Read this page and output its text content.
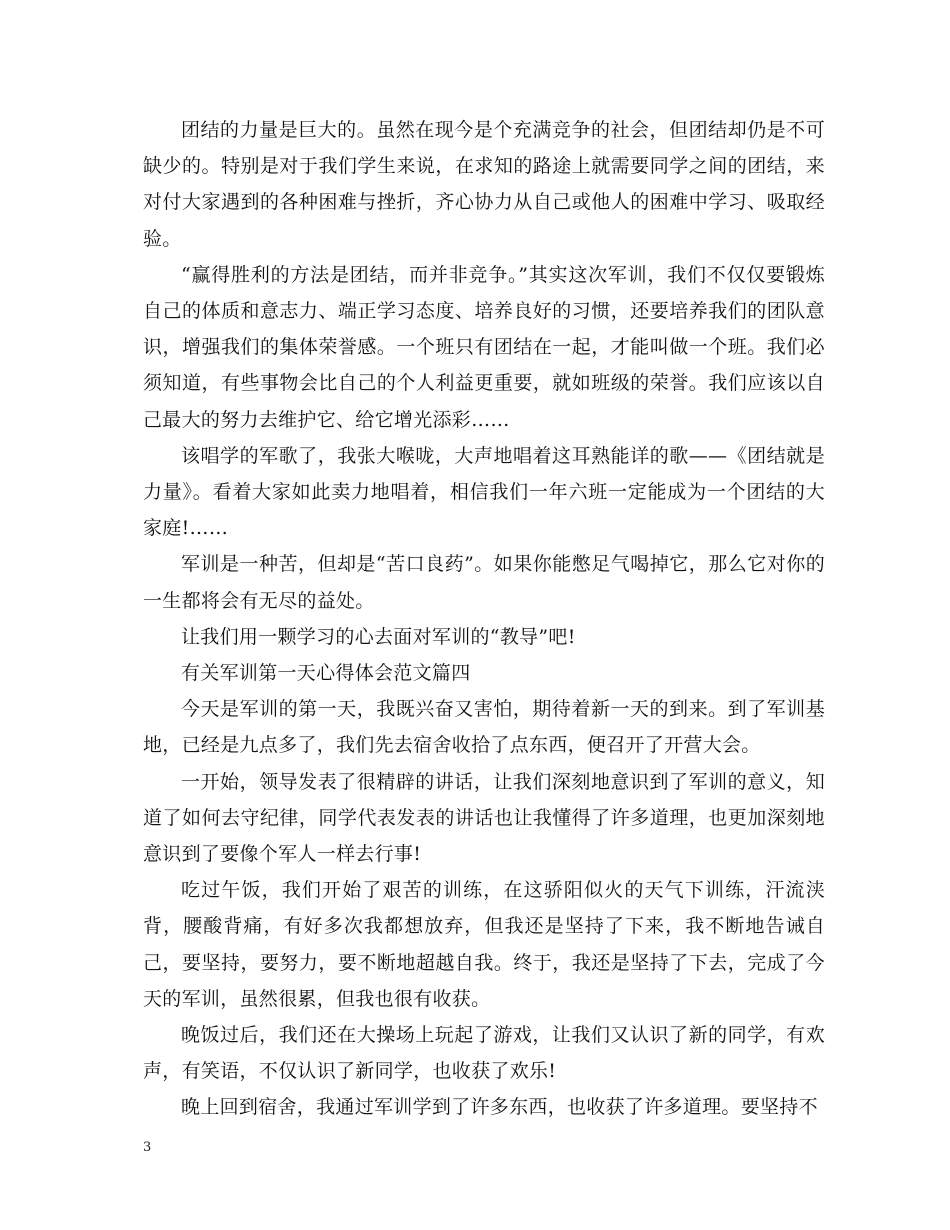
团结的力量是巨大的。虽然在现今是个充满竞争的社会，但团结却仍是不可缺少的。特别是对于我们学生来说，在求知的路途上就需要同学之间的团结，来对付大家遇到的各种困难与挫折，齐心协力从自己或他人的困难中学习、吸取经验。

“赢得胜利的方法是团结，而并非竞争。”其实这次军训，我们不仅仅要锻炼自己的体质和意志力、端正学习态度、培养良好的习惯，还要培养我们的团队意识，增强我们的集体荣誉感。一个班只有团结在一起，才能叫做一个班。我们必须知道，有些事物会比自己的个人利益更重要，就如班级的荣誉。我们应该以自己最大的努力去维护它、给它增光添彩……

该唱学的军歌了，我张大喉咙，大声地唱着这耳熟能详的歌——《团结就是力量》。看着大家如此卖力地唱着，相信我们一年六班一定能成为一个团结的大家庭!……

军训是一种苦，但却是“苦口良药”。如果你能憋足气喝掉它，那么它对你的一生都将会有无尽的益处。

让我们用一颗学习的心去面对军训的“教导”吧!

有关军训第一天心得体会范文篇四

今天是军训的第一天，我既兴奋又害怕，期待着新一天的到来。到了军训基地，已经是九点多了，我们先去宿舍收拾了点东西，便召开了开营大会。

一开始，领导发表了很精辟的讲话，让我们深刻地意识到了军训的意义，知道了如何去守纪律，同学代表发表的讲话也让我懂得了许多道理，也更加深刻地意识到了要像个军人一样去行事!

吃过午饭，我们开始了艰苦的训练，在这骄阳似火的天气下训练，汗流浃背，腰酸背痛，有好多次我都想放弃，但我还是坚持了下来，我不断地告诫自己，要坚持，要努力，要不断地超越自我。终于，我还是坚持了下去，完成了今天的军训，虽然很累，但我也很有收获。

晚饭过后，我们还在大操场上玩起了游戏，让我们又认识了新的同学，有欢声，有笑语，不仅认识了新同学，也收获了欢乐!

晚上回到宿舍，我通过军训学到了许多东西，也收获了许多道理。要坚持不

3
